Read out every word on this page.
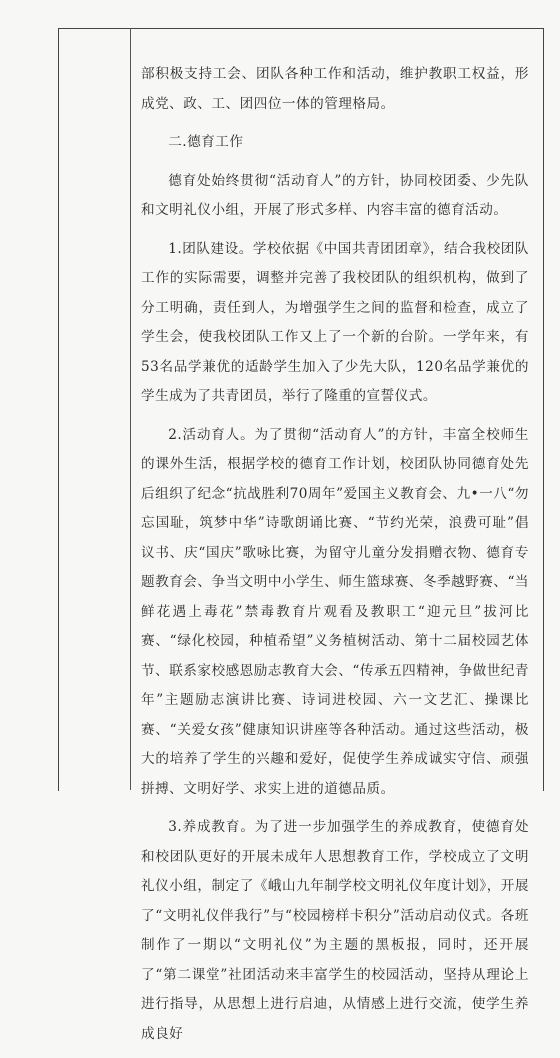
部积极支持工会、团队各种工作和活动，维护教职工权益，形成党、政、工、团四位一体的管理格局。

二.德育工作

德育处始终贯彻“活动育人”的方针，协同校团委、少先队和文明礼仪小组，开展了形式多样、内容丰富的德育活动。

1.团队建设。学校依据《中国共青团团章》，结合我校团队工作的实际需要，调整并完善了我校团队的组织机构，做到了分工明确，责任到人，为增强学生之间的监督和检查，成立了学生会，使我校团队工作又上了一个新的台阶。一学年来，有53名品学兼优的适龄学生加入了少先大队，120名品学兼优的学生成为了共青团员，举行了隆重的宣誓仪式。

2.活动育人。为了贯彻“活动育人”的方针，丰富全校师生的课外生活，根据学校的德育工作计划，校团队协同德育处先后组织了纪念“抗战胜利70周年”爱国主义教育会、九•一八“勿忘国耻，筑梦中华”诗歌朗诵比赛、“节约光荣，浪费可耻”倡议书、庆“国庆”歌咏比赛，为留守儿童分发捐赠衣物、德育专题教育会、争当文明中小学生、师生篮球赛、冬季越野赛、“当鲜花遇上毒花”禁毒教育片观看及教职工“迎元旦”拔河比赛、“绿化校园，种植希望”义务植树活动、第十二届校园艺体节、联系家校感恩励志教育大会、“传承五四精神，争做世纪青年”主题励志演讲比赛、诗词进校园、六一文艺汇、操课比赛、“关爱女孩”健康知识讲座等各种活动。通过这些活动，极大的培养了学生的兴趣和爱好，促使学生养成诚实守信、顽强拼搏、文明好学、求实上进的道德品质。

3.养成教育。为了进一步加强学生的养成教育，使德育处和校团队更好的开展未成年人思想教育工作，学校成立了文明礼仪小组，制定了《峨山九年制学校文明礼仪年度计划》，开展了“文明礼仪伴我行”与“校园榜样卡积分”活动启动仪式。各班制作了一期以“文明礼仪”为主题的黑板报，同时，还开展了“第二课堂”社团活动来丰富学生的校园活动，坚持从理论上进行指导，从思想上进行启迪，从情感上进行交流，使学生养成良好
